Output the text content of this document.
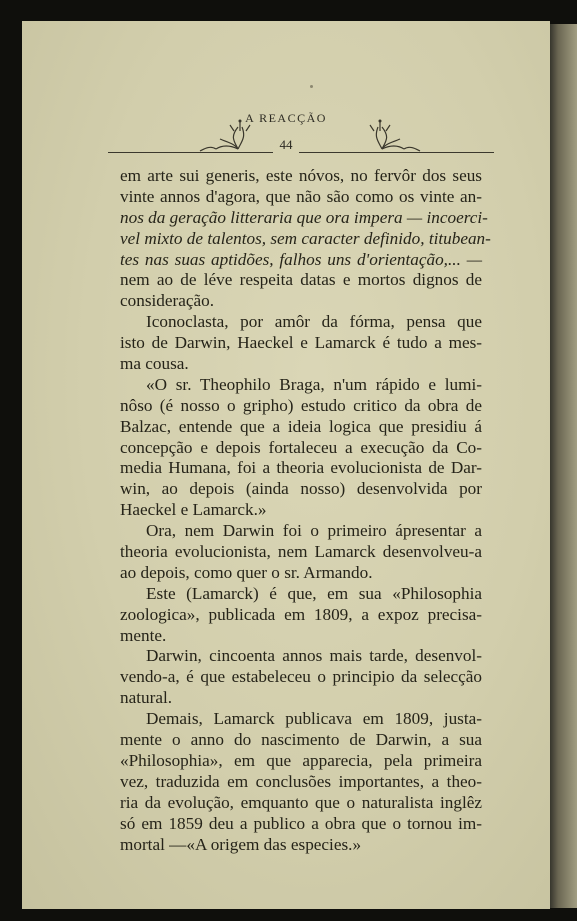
A REACÇÃO
44
em arte sui generis, este nóvos, no fervôr dos seus
vinte annos d'agora, que não são como os vinte an-
nos da geração litteraria que ora impera — incoerci-
vel mixto de talentos, sem caracter definido, titubean-
tes nas suas aptidões, falhos uns d'orientação,... —
nem ao de léve respeita datas e mortos dignos de
consideração.
Iconoclasta, por amôr da fórma, pensa que
isto de Darwin, Haeckel e Lamarck é tudo a mes-
ma cousa.
«O sr. Theophilo Braga, n'um rápido e lumi-
nôso (é nosso o gripho) estudo critico da obra de
Balzac, entende que a ideia logica que presidiu á
concepção e depois fortaleceu a execução da Co-
media Humana, foi a theoria evolucionista de Dar-
win, ao depois (ainda nosso) desenvolvida por
Haeckel e Lamarck.»
Ora, nem Darwin foi o primeiro ápresentar a
theoria evolucionista, nem Lamarck desenvolveu-a
ao depois, como quer o sr. Armando.
Este (Lamarck) é que, em sua «Philosophia
zoologica», publicada em 1809, a expoz precisa-
mente.
Darwin, cincoenta annos mais tarde, desenvol-
vendo-a, é que estabeleceu o principio da selecção
natural.
Demais, Lamarck publicava em 1809, justa-
mente o anno do nascimento de Darwin, a sua
«Philosophia», em que apparecia, pela primeira
vez, traduzida em conclusões importantes, a theo-
ria da evolução, emquanto que o naturalista inglêz
só em 1859 deu a publico a obra que o tornou im-
mortal —«A origem das especies.»
